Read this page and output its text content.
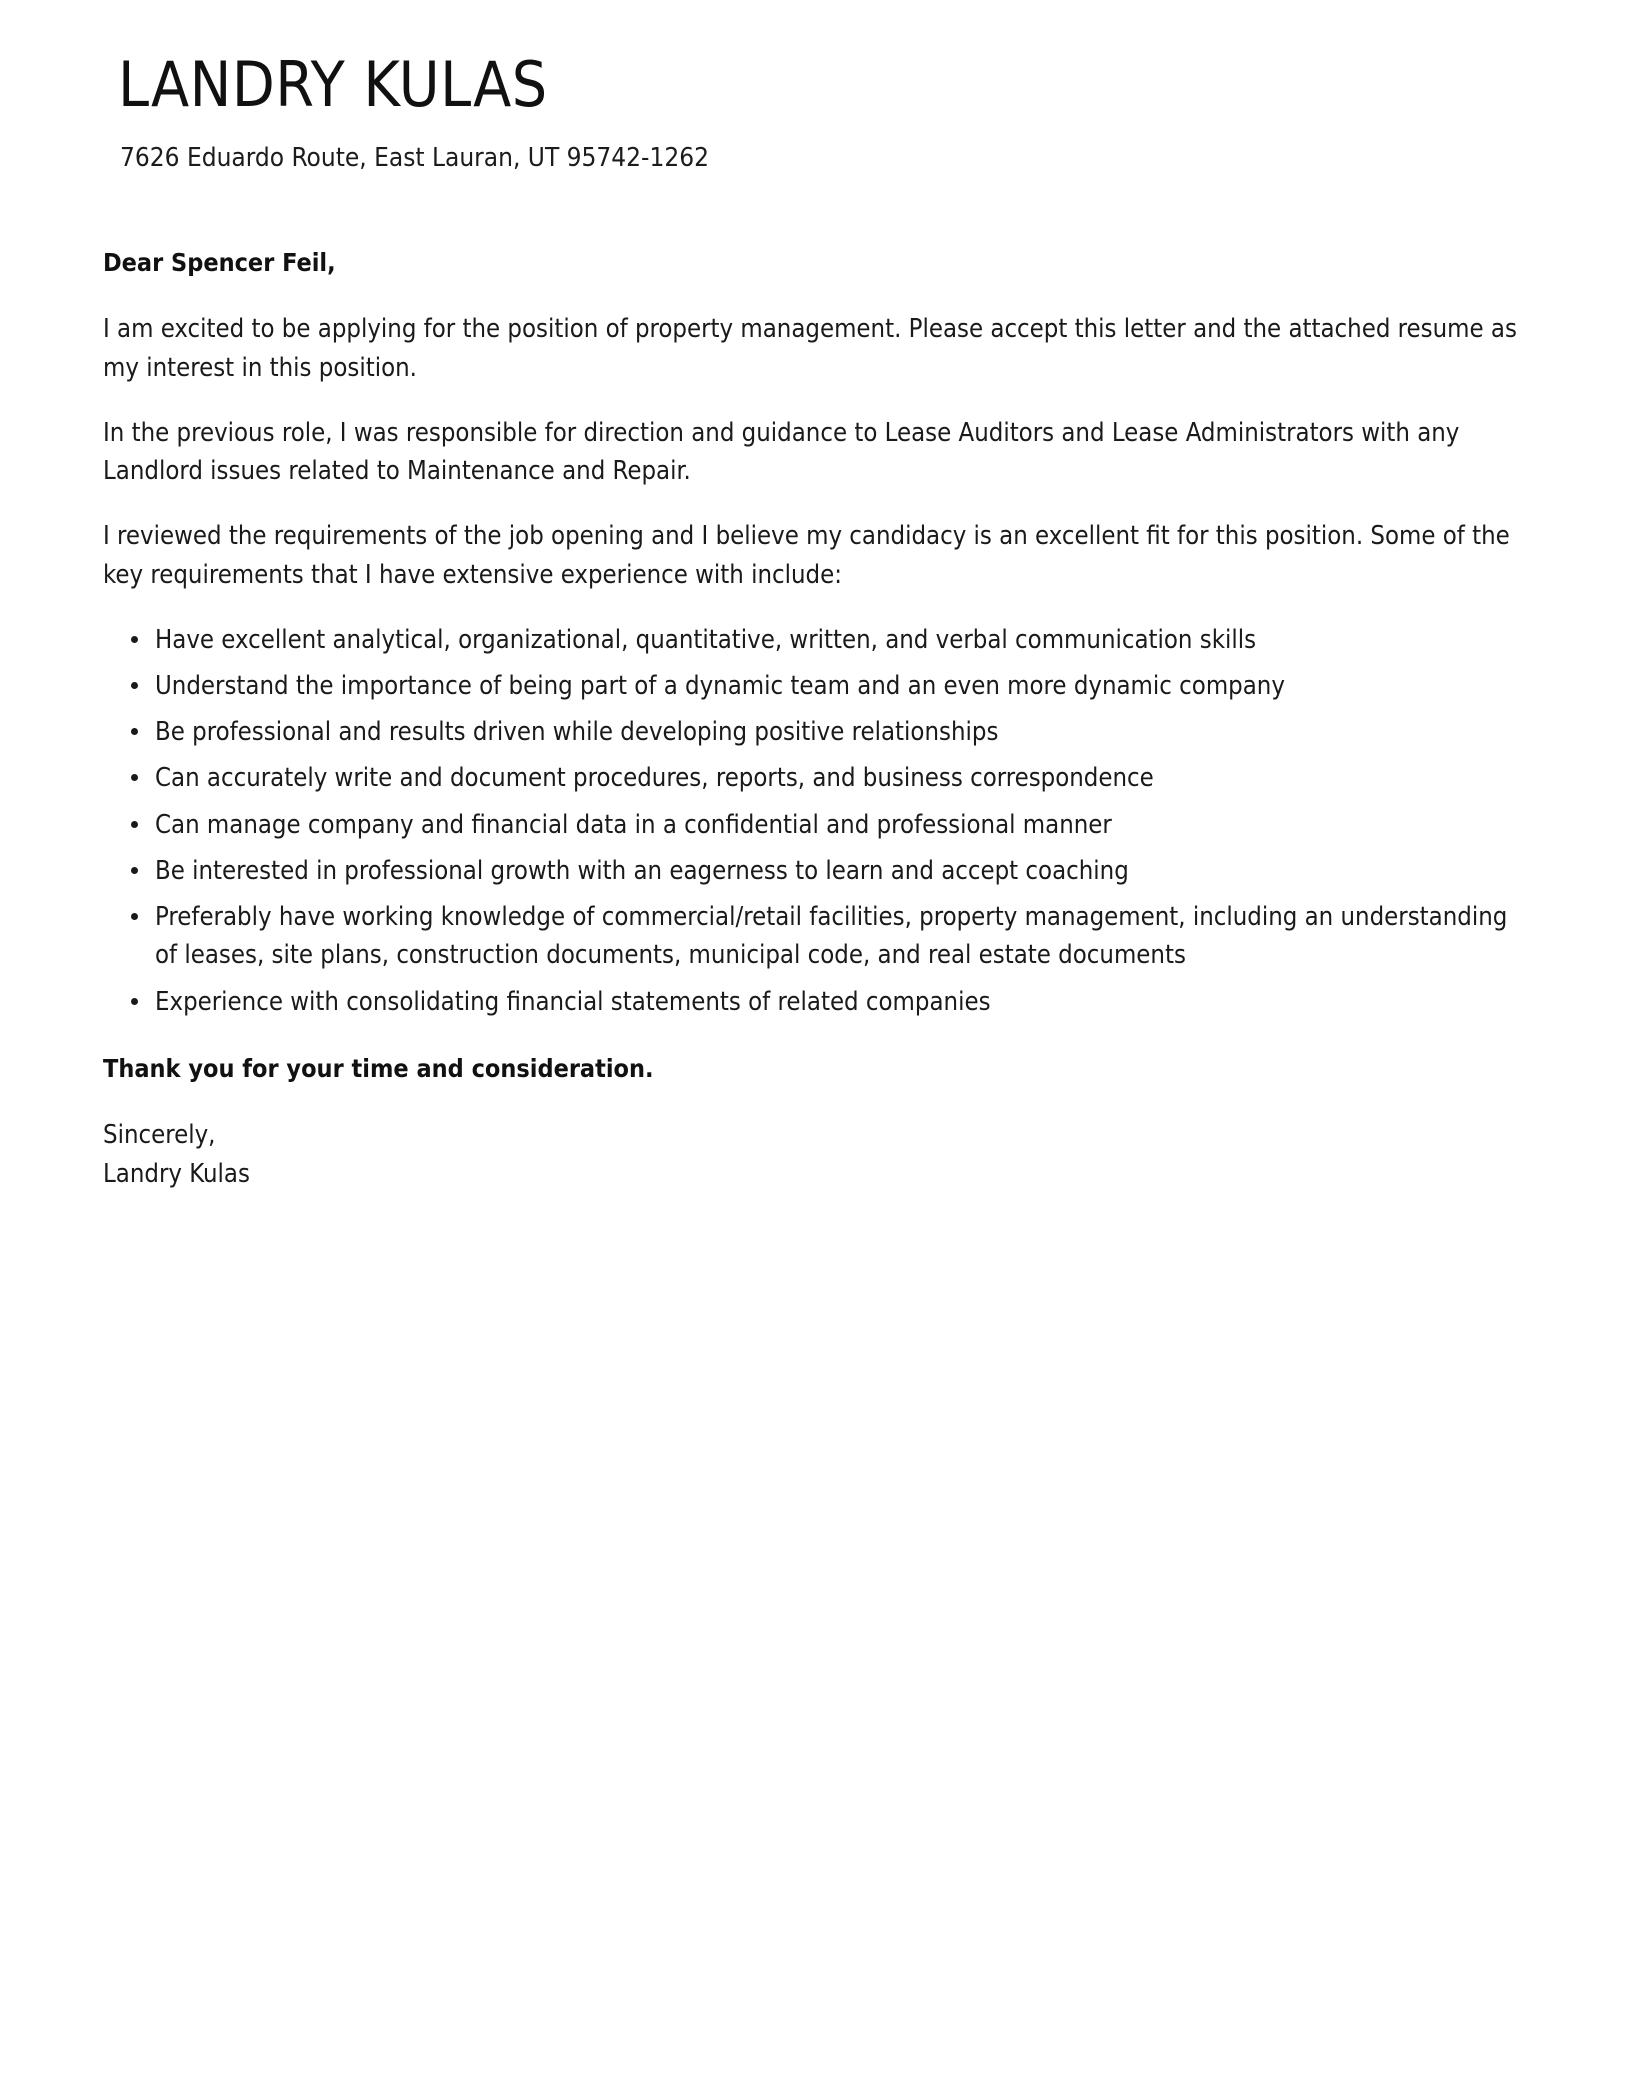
LANDRY KULAS
7626 Eduardo Route, East Lauran, UT 95742-1262
Dear Spencer Feil,

I am excited to be applying for the position of property management. Please accept this letter and the attached resume as my interest in this position.

In the previous role, I was responsible for direction and guidance to Lease Auditors and Lease Administrators with any Landlord issues related to Maintenance and Repair.

I reviewed the requirements of the job opening and I believe my candidacy is an excellent fit for this position. Some of the key requirements that I have extensive experience with include:

Have excellent analytical, organizational, quantitative, written, and verbal communication skills
Understand the importance of being part of a dynamic team and an even more dynamic company
Be professional and results driven while developing positive relationships
Can accurately write and document procedures, reports, and business correspondence
Can manage company and financial data in a confidential and professional manner
Be interested in professional growth with an eagerness to learn and accept coaching
Preferably have working knowledge of commercial/retail facilities, property management, including an understanding of leases, site plans, construction documents, municipal code, and real estate documents
Experience with consolidating financial statements of related companies
Thank you for your time and consideration.
Sincerely,
Landry Kulas
